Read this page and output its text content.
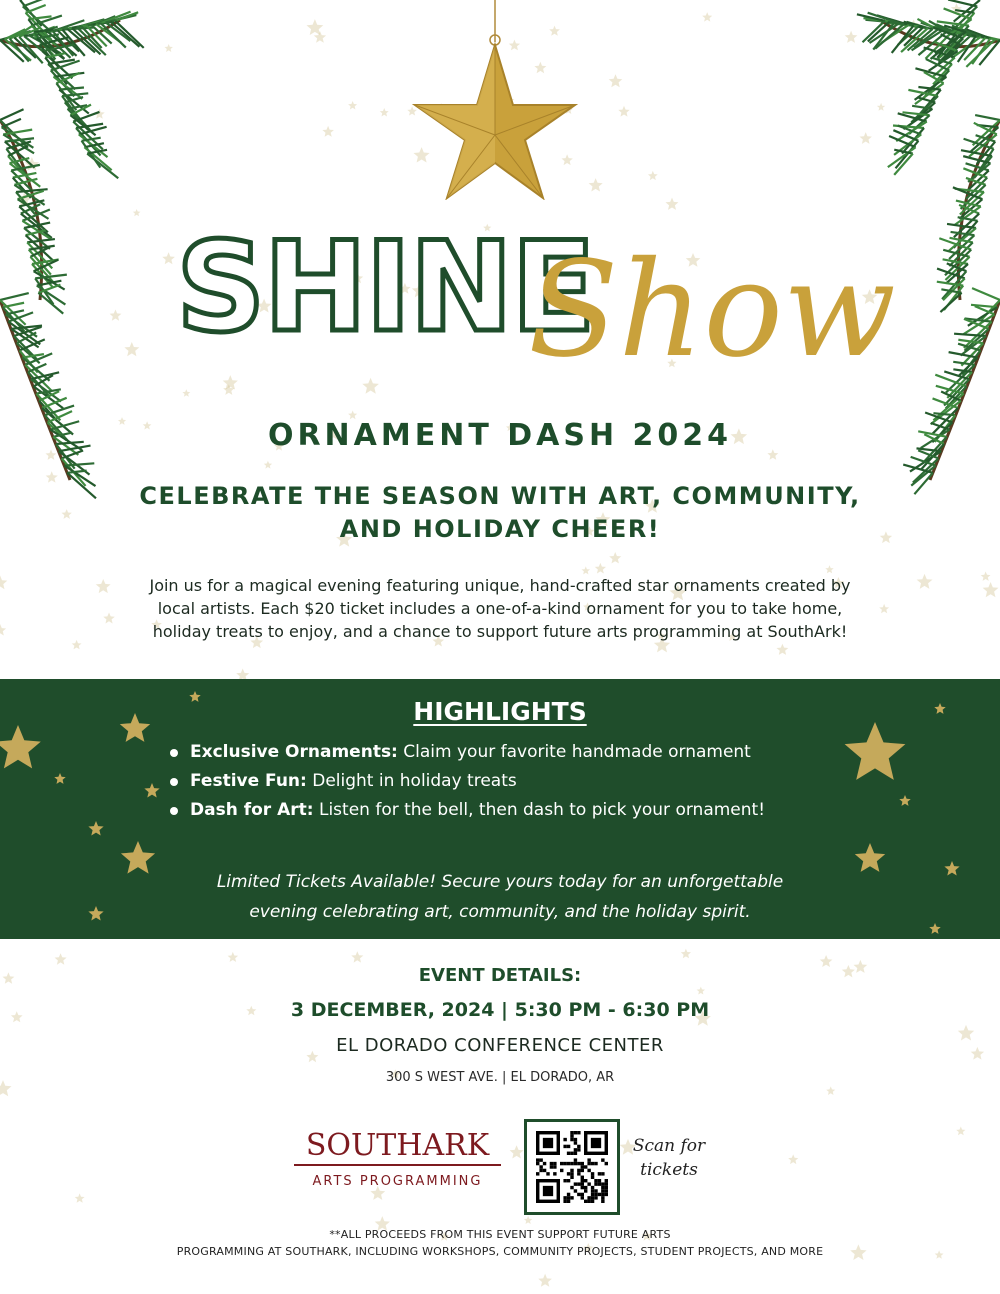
SHINE
Show
ORNAMENT DASH 2024
CELEBRATE THE SEASON WITH ART, COMMUNITY,
AND HOLIDAY CHEER!
Join us for a magical evening featuring unique, hand-crafted star ornaments created by
local artists. Each $20 ticket includes a one-of-a-kind ornament for you to take home,
holiday treats to enjoy, and a chance to support future arts programming at SouthArk!
HIGHLIGHTS
Exclusive Ornaments: Claim your favorite handmade ornament
Festive Fun: Delight in holiday treats
Dash for Art: Listen for the bell, then dash to pick your ornament!
Limited Tickets Available! Secure yours today for an unforgettable
evening celebrating art, community, and the holiday spirit.
EVENT DETAILS:
3 DECEMBER, 2024 | 5:30 PM - 6:30 PM
EL DORADO CONFERENCE CENTER
300 S WEST AVE. | EL DORADO, AR
SOUTHARK
ARTS PROGRAMMING
Scan for
tickets
**ALL PROCEEDS FROM THIS EVENT SUPPORT FUTURE ARTS
PROGRAMMING AT SOUTHARK, INCLUDING WORKSHOPS, COMMUNITY PROJECTS, STUDENT PROJECTS, AND MORE
